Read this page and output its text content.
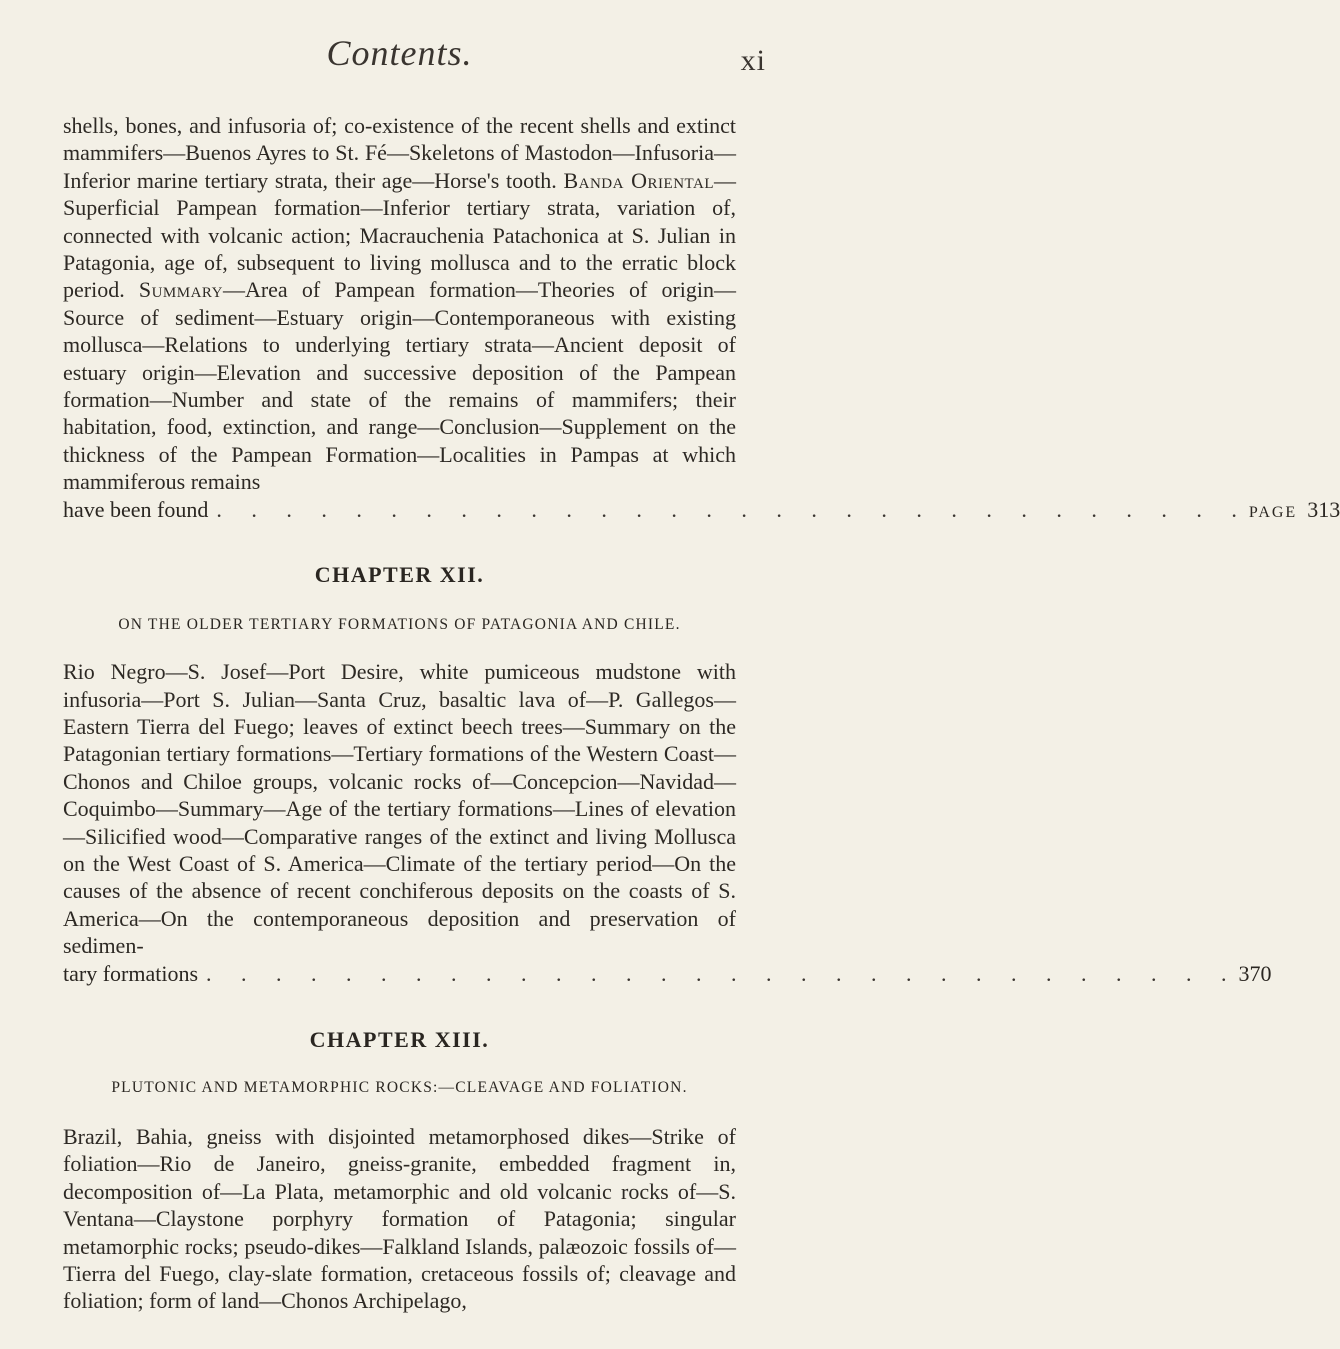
Contents.	xi

shells, bones, and infusoria of; co-existence of the recent shells and extinct mammifers—Buenos Ayres to St. Fé—Skeletons of Mastodon—Infusoria—Inferior marine tertiary strata, their age—Horse's tooth. Banda Oriental—Superficial Pampean formation—Inferior tertiary strata, variation of, connected with volcanic action; Macrauchenia Patachonica at S. Julian in Patagonia, age of, subsequent to living mollusca and to the erratic block period. Summary—Area of Pampean formation—Theories of origin—Source of sediment—Estuary origin—Contemporaneous with existing mollusca—Relations to underlying tertiary strata—Ancient deposit of estuary origin—Elevation and successive deposition of the Pampean formation—Number and state of the remains of mammifers; their habitation, food, extinction, and range—Conclusion—Supplement on the thickness of the Pampean Formation—Localities in Pampas at which mammiferous remains

have been found . . . . . . . . . . . . . . . . . . . . . . . . . . . . . . PAGE 313
CHAPTER XII.

ON THE OLDER TERTIARY FORMATIONS OF PATAGONIA AND CHILE.

Rio Negro—S. Josef—Port Desire, white pumiceous mudstone with infusoria—Port S. Julian—Santa Cruz, basaltic lava of—P. Gallegos—Eastern Tierra del Fuego; leaves of extinct beech trees—Summary on the Patagonian tertiary formations—Tertiary formations of the Western Coast—Chonos and Chiloe groups, volcanic rocks of—Concepcion—Navidad—Coquimbo—Summary—Age of the tertiary formations—Lines of elevation—Silicified wood—Comparative ranges of the extinct and living Mollusca on the West Coast of S. America—Climate of the tertiary period—On the causes of the absence of recent conchiferous deposits on the coasts of S. America—On the contemporaneous deposition and preservation of sedimen-

tary formations . . . . . . . . . . . . . . . . . . . . . . . . . . . . . . 370
CHAPTER XIII.

PLUTONIC AND METAMORPHIC ROCKS:—CLEAVAGE AND FOLIATION.

Brazil, Bahia, gneiss with disjointed metamorphosed dikes—Strike of foliation—Rio de Janeiro, gneiss-granite, embedded fragment in, decomposition of—La Plata, metamorphic and old volcanic rocks of—S. Ventana—Claystone porphyry formation of Patagonia; singular metamorphic rocks; pseudo-dikes—Falkland Islands, palæozoic fossils of—Tierra del Fuego, clay-slate formation, cretaceous fossils of; cleavage and foliation; form of land—Chonos Archipelago,
